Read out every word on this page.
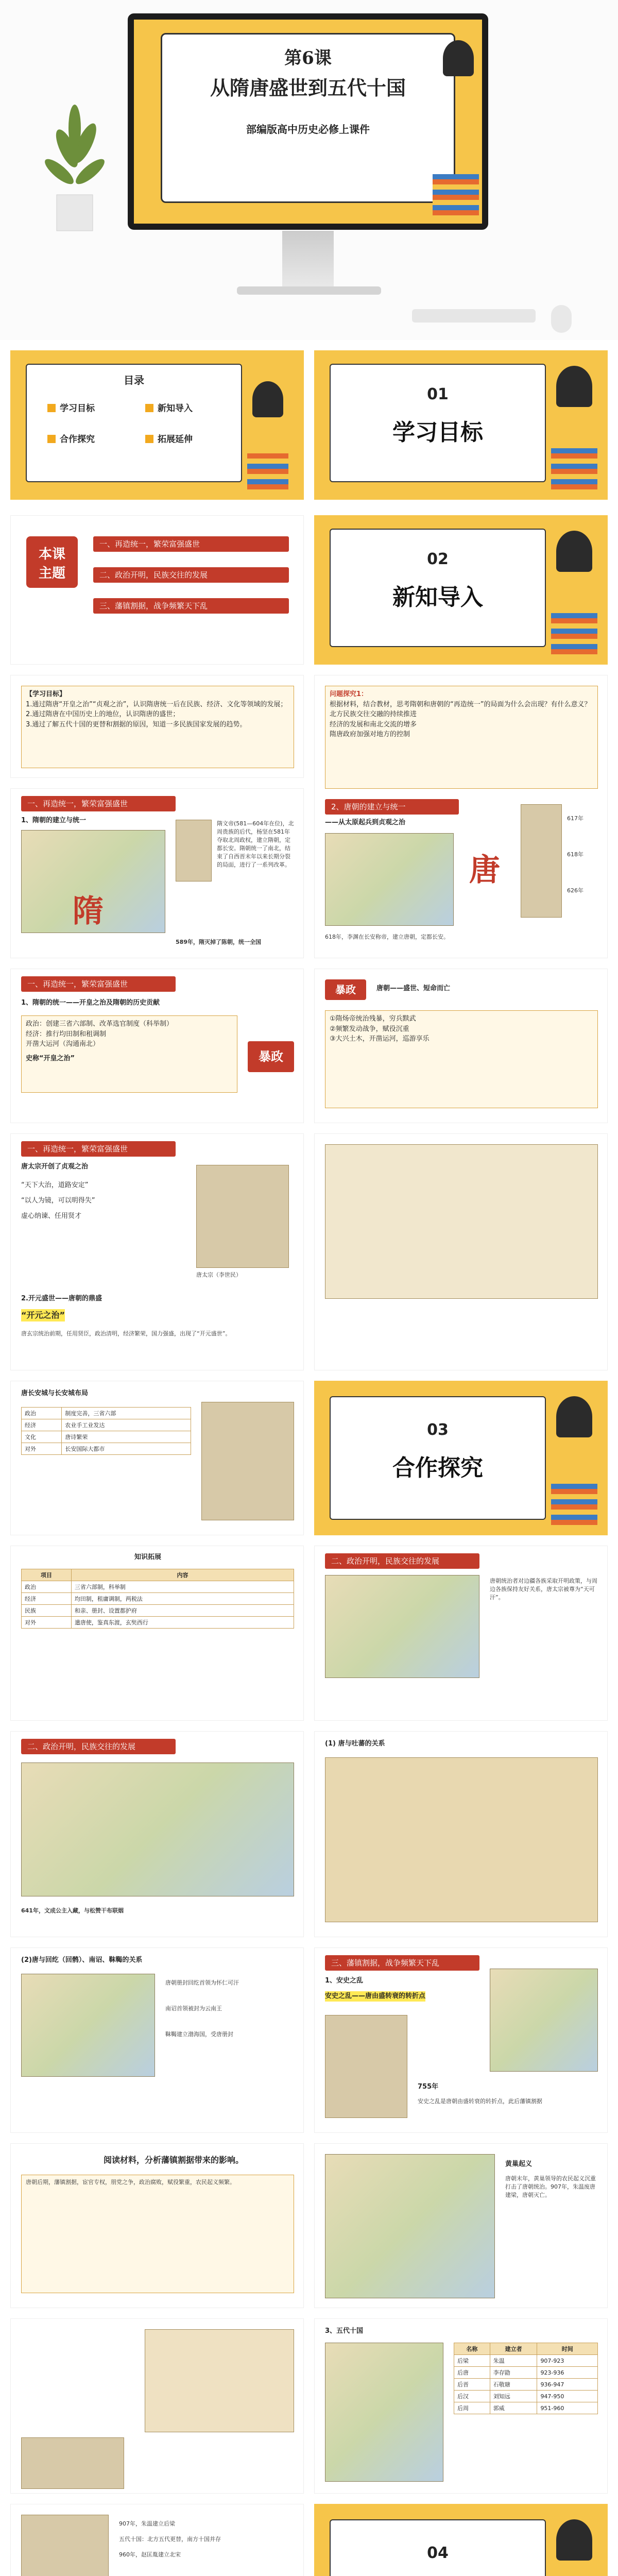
第6课
从隋唐盛世到五代十国
部编版高中历史必修上课件
目录
学习目标	新知导入
合作探究	拓展延伸
01
学习目标
本课
主题
一、再造统一，繁荣富强盛世
二、政治开明，民族交往的发展
三、藩镇割据，战争频繁天下乱
02
新知导入
【学习目标】
1.通过隋唐“开皇之治”“贞观之治”，认识隋唐统一后在民族、经济、文化等领域的发展；
2.通过隋唐在中国历史上的地位，认识隋唐的盛世；
3.通过了解五代十国的更替和割据的原因，知道一多民族国家发展的趋势。
一、再造统一，繁荣富强盛世
1、隋朝的建立与统一
隋
隋文帝(581—604年在位)，北周贵族的后代，杨坚在581年夺取北周政权，建立隋朝，定都长安。隋朝统一了南北，结束了自西晋末年以来长期分裂的局面，进行了一系列改革。
589年，隋灭掉了陈朝，统一全国
2、唐朝的建立与统一
——从太原起兵到贞观之治
唐
617年
618年
626年
618年，李渊在长安称帝，建立唐朝，定都长安。
问题探究1：
根据材料，结合教材，思考隋朝和唐朝的“再造统一”的局面为什么会出现？有什么意义？
北方民族交往交融的持续推进
经济的发展和南北交流的增多
隋唐政府加强对地方的控制
一、再造统一，繁荣富强盛世
1、隋朝的统一——开皇之治及隋朝的历史贡献
政治：创建三省六部制、改革选官制度（科举制）
经济：推行均田制和租调制
开凿大运河（沟通南北）
史称“开皇之治”	暴政
暴政	唐朝——盛世、短命而亡
①隋炀帝统治残暴，穷兵黩武
②频繁发动战争，赋役沉重
③大兴土木，开凿运河，巡游享乐
一、再造统一，繁荣富强盛世
唐太宗开创了贞观之治
唐太宗（李世民）
“天下大治，道路安定”
“以人为镜，可以明得失”
虚心纳谏、任用贤才
2.开元盛世——唐朝的鼎盛
“开元之治”
唐玄宗统治前期，任用贤臣，政治清明，经济繁荣，国力强盛，出现了“开元盛世”。
唐长安城与长安城布局
政治	制度完善，三省六部
经济	农业手工业发达
文化	唐诗繁荣
对外	长安国际大都市
03
合作探究
知识拓展
项目	内容
政治	三省六部制，科举制
经济	均田制，租庸调制，两税法
民族	和亲、册封、设置都护府
对外	遣唐使，鉴真东渡，玄奘西行
二、政治开明，民族交往的发展
唐朝统治者对边疆各族采取开明政策，与周边各族保持友好关系，唐太宗被尊为“天可汗”。
二、政治开明，民族交往的发展
641年，文成公主入藏，与松赞干布联姻
(1) 唐与吐蕃的关系
(2)唐与回纥（回鹘）、南诏、靺鞨的关系
唐朝册封回纥首领为怀仁可汗
南诏首领被封为云南王
靺鞨建立渤海国，受唐册封
三、藩镇割据，战争频繁天下乱
1、安史之乱
安史之乱——唐由盛转衰的转折点
755年
安史之乱是唐朝由盛转衰的转折点，此后藩镇割据
阅读材料，分析藩镇割据带来的影响。
唐朝后期，藩镇割据，宦官专权，朋党之争，政治腐败，赋役繁重，农民起义频繁。
黄巢起义
唐朝末年，黄巢领导的农民起义沉重打击了唐朝统治。907年，朱温废唐建梁，唐朝灭亡。
3、五代十国
名称	建立者	时间
后梁	朱温	907-923
后唐	李存勖	923-936
后晋	石敬瑭	936-947
后汉	刘知远	947-950
后周	郭威	951-960
907年，朱温建立后梁
五代十国：北方五代更替，南方十国并存
960年，赵匡胤建立北宋	04
